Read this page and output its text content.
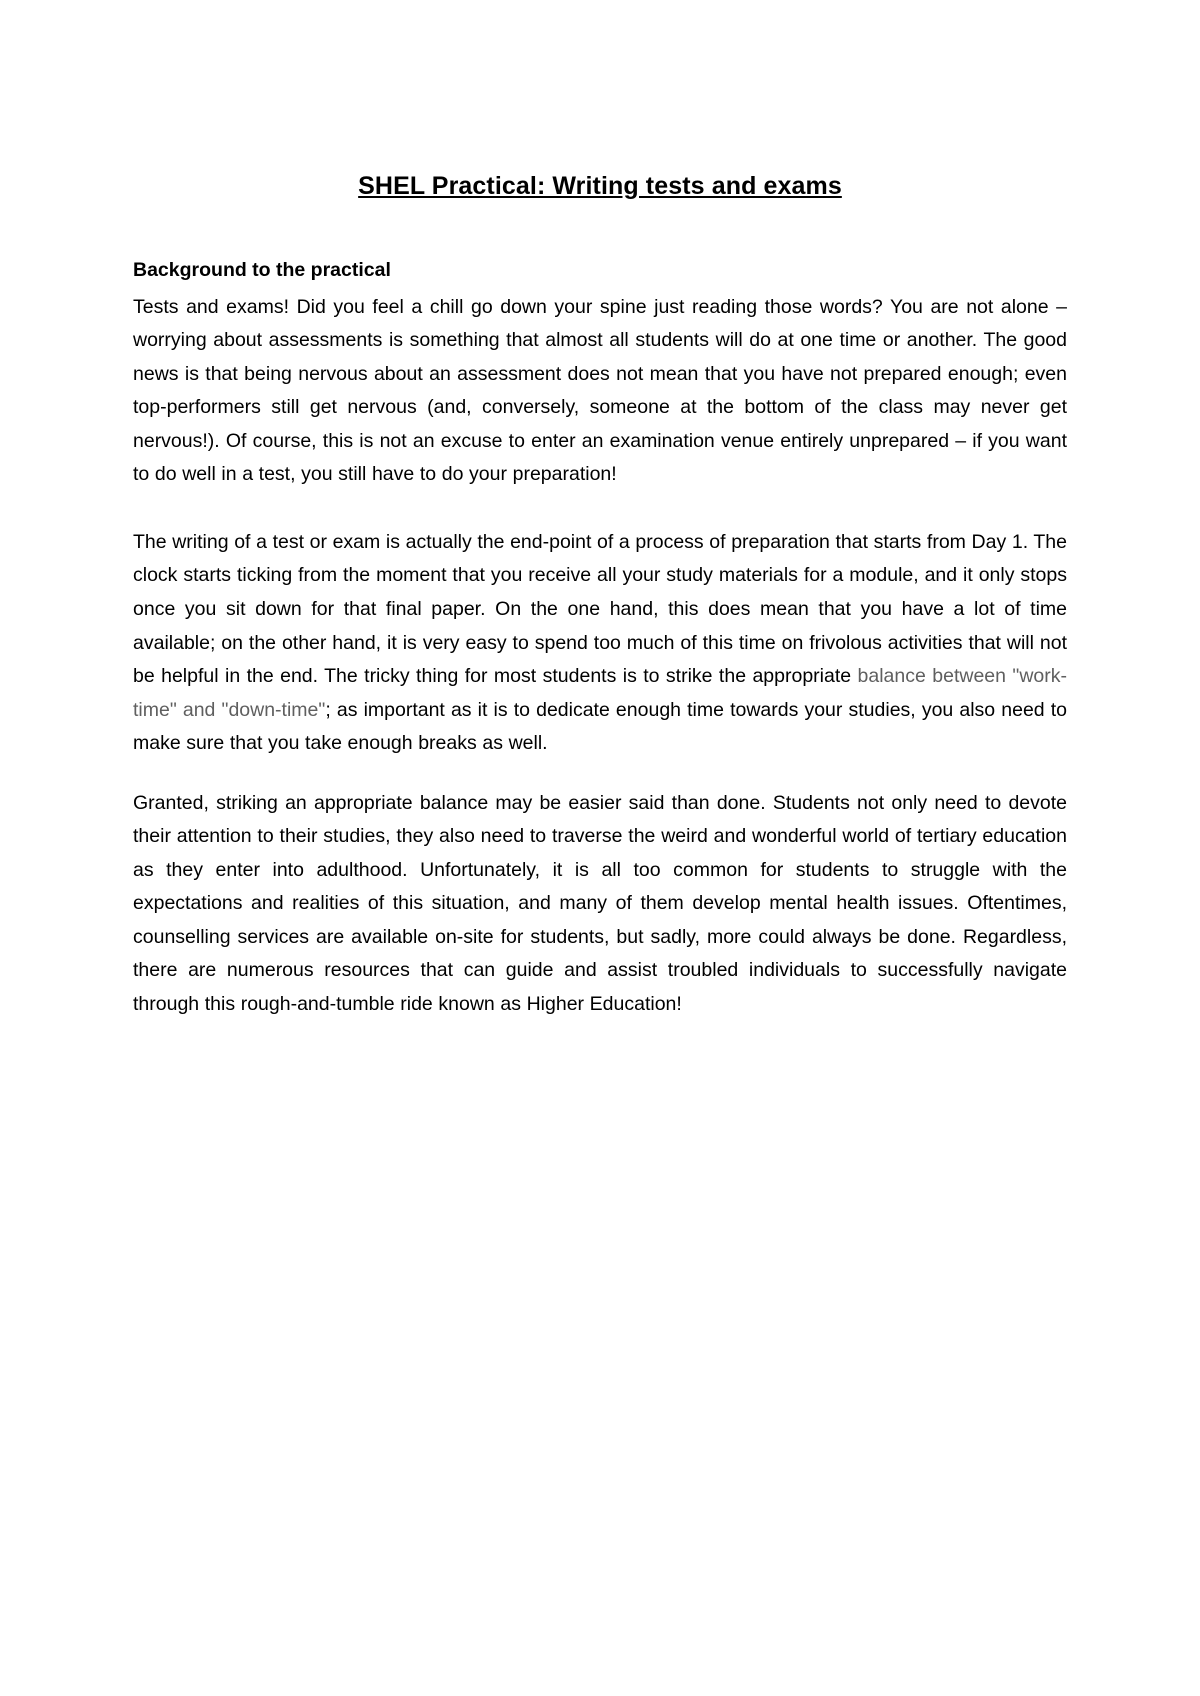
SHEL Practical: Writing tests and exams
Background to the practical

Tests and exams! Did you feel a chill go down your spine just reading those words? You are not alone – worrying about assessments is something that almost all students will do at one time or another. The good news is that being nervous about an assessment does not mean that you have not prepared enough; even top-performers still get nervous (and, conversely, someone at the bottom of the class may never get nervous!). Of course, this is not an excuse to enter an examination venue entirely unprepared – if you want to do well in a test, you still have to do your preparation!

The writing of a test or exam is actually the end-point of a process of preparation that starts from Day 1. The clock starts ticking from the moment that you receive all your study materials for a module, and it only stops once you sit down for that final paper. On the one hand, this does mean that you have a lot of time available; on the other hand, it is very easy to spend too much of this time on frivolous activities that will not be helpful in the end. The tricky thing for most students is to strike the appropriate balance between "work-time" and "down-time"; as important as it is to dedicate enough time towards your studies, you also need to make sure that you take enough breaks as well.

Granted, striking an appropriate balance may be easier said than done. Students not only need to devote their attention to their studies, they also need to traverse the weird and wonderful world of tertiary education as they enter into adulthood. Unfortunately, it is all too common for students to struggle with the expectations and realities of this situation, and many of them develop mental health issues. Oftentimes, counselling services are available on-site for students, but sadly, more could always be done. Regardless, there are numerous resources that can guide and assist troubled individuals to successfully navigate through this rough-and-tumble ride known as Higher Education!
